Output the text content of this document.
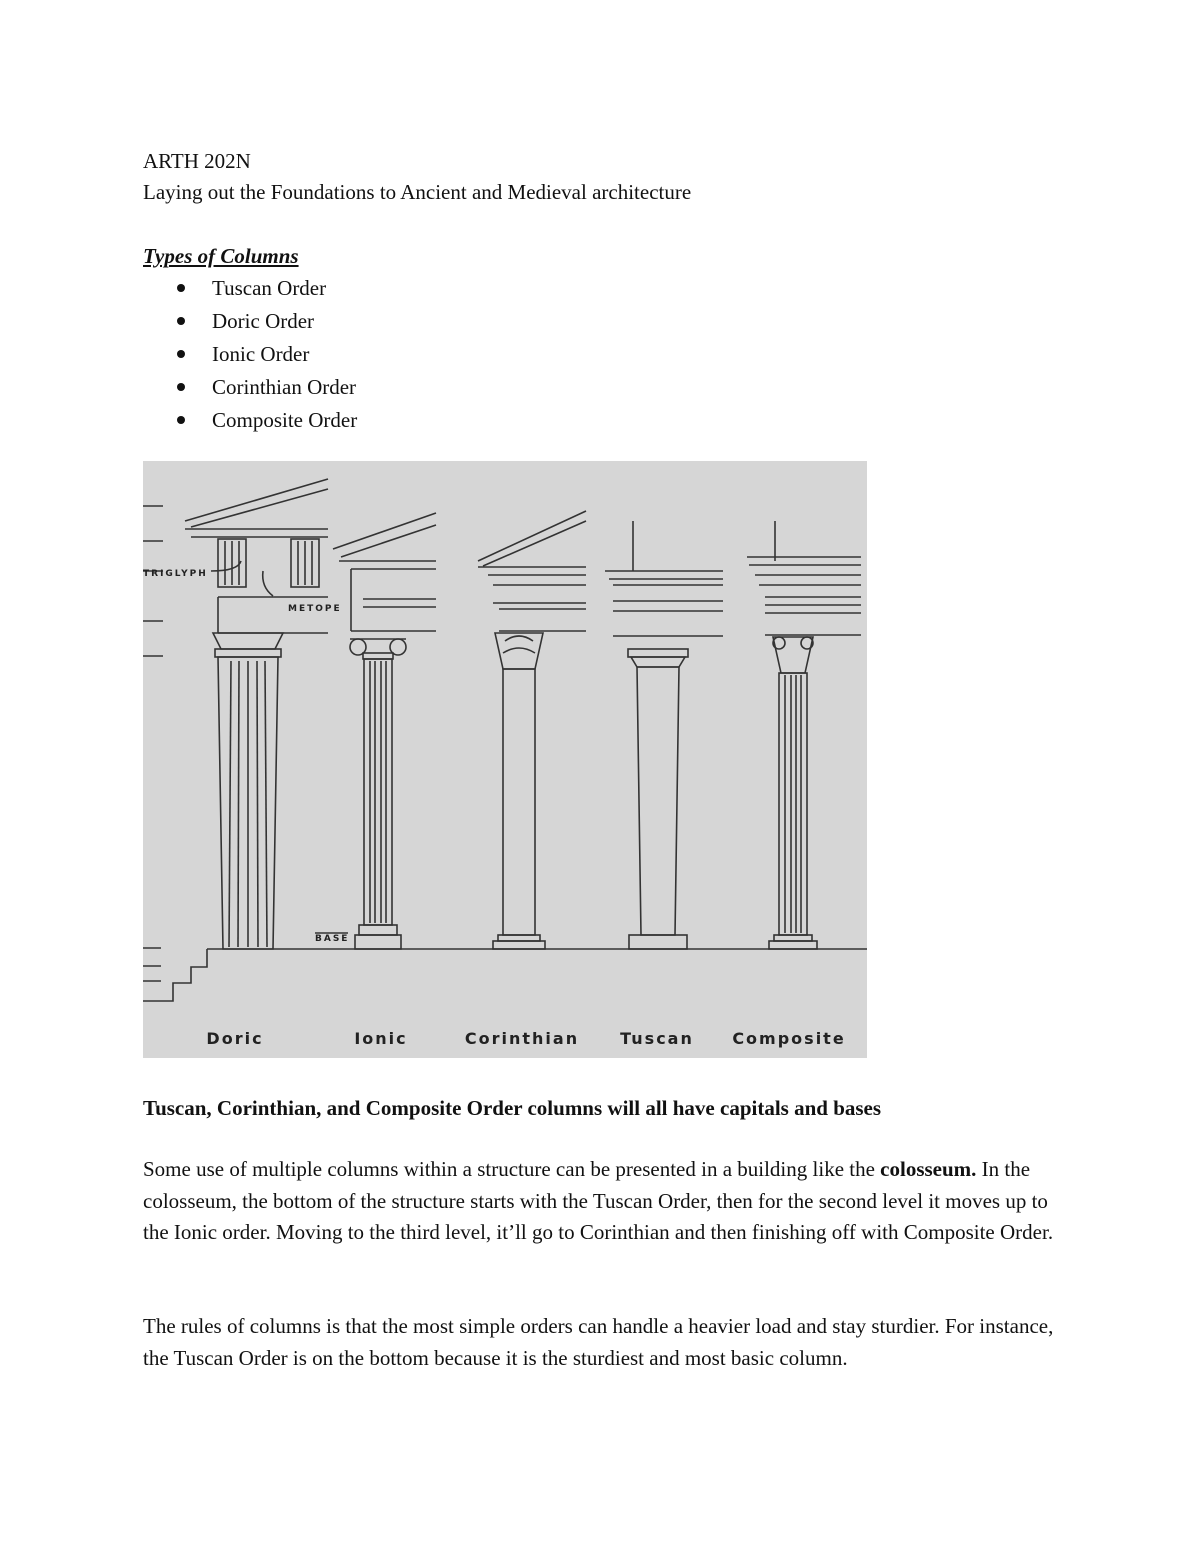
ARTH 202N
Laying out the Foundations to Ancient and Medieval architecture
Types of Columns
Tuscan Order
Doric Order
Ionic Order
Corinthian Order
Composite Order
TRIGLYPH
METOPE
BASE
Doric	Ionic	Corinthian	Tuscan Composite
Tuscan, Corinthian, and Composite Order columns will all have capitals and bases

Some use of multiple columns within a structure can be presented in a building like the colosseum. In the colosseum, the bottom of the structure starts with the Tuscan Order, then for the second level it moves up to the Ionic order. Moving to the third level, it’ll go to Corinthian and then finishing off with Composite Order.

The rules of columns is that the most simple orders can handle a heavier load and stay sturdier. For instance, the Tuscan Order is on the bottom because it is the sturdiest and most basic column.
